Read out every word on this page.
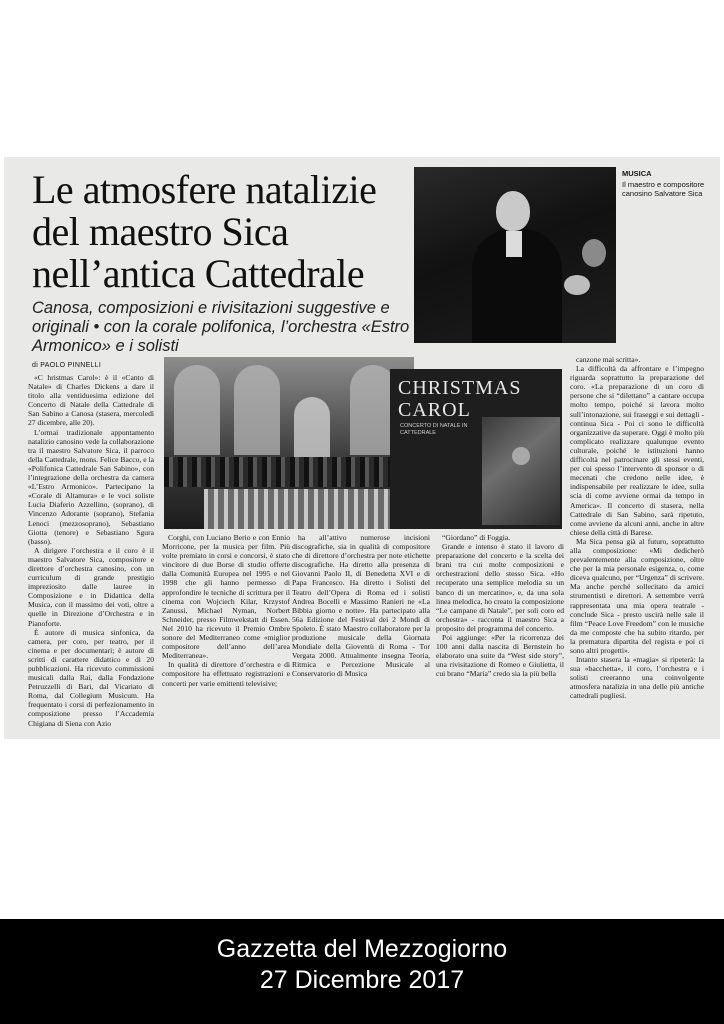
Le atmosfere natalizie
del maestro Sica
nell’antica Cattedrale
Canosa, composizioni e rivisitazioni suggestive e originali • con la corale polifonica, l’orchestra «Estro Armonico» e i solisti
di PAOLO PINNELLI
MUSICA
Il maestro e compositore canosino Salvatore Sica
CHRISTMAS
CAROL
CONCERTO DI NATALE IN CATTEDRALE

«C hristmas Carol»: è il «Canto di Natale» di Charles Dickens a dare il titolo alla ventiduesima edizione del Concerto di Natale della Cattedrale di San Sabino a Canosa (stasera, mercoledì 27 dicembre, alle 20).

L’ormai tradizionale appuntamento natalizio canosino vede la collaborazione tra il maestro Salvatore Sica, il parroco della Cattedrale, mons. Felice Bacco, e la «Polifonica Cattedrale San Sabino», con l’integrazione della orchestra da camera «L’Estro Armonico». Partecipano la «Corale di Altamura» e le voci soliste Lucia Diaferio Azzellino, (soprano), di Vincenzo Adorante (soprano), Stefania Lenoci (mezzosoprano), Sebastiano Giotta (tenore) e Sebastiano Sgura (basso).

A dirigere l’orchestra e il coro è il maestro Salvatore Sica, compositore e direttore d’orchestra canosino, con un curriculum di grande prestigio impreziosito dalle lauree in Composizione e in Didattica della Musica, con il massimo dei voti, oltre a quelle in Direzione d’Orchestra e in Pianoforte.

È autore di musica sinfonica, da camera, per coro, per teatro, per il cinema e per documentari; è autore di scritti di carattere didattico e di 20 pubblicazioni. Ha ricevuto commissioni musicali dalla Rai, dalla Fondazione Petruzzelli di Bari, dal Vicariato di Roma, dal Collegium Musicum. Ha frequentato i corsi di perfezionamento in composizione presso l’Accademia Chigiana di Siena con Azio

Corghi, con Luciano Berio e con Ennio Morricone, per la musica per film. Più volte premiato in corsi e concorsi, è stato vincitore di due Borse di studio offerte dalla Comunità Europea nel 1995 e nel 1998 che gli hanno permesso di approfondire le tecniche di scrittura per il cinema con Wojciech Kilar, Krzystof Zanussi, Michael Nyman, Norbert Schneider, presso Filmwekstatt di Essen. Nel 2010 ha ricevuto il Premio Ombre sonore del Mediterraneo come «miglior compositore dell’anno dell’area Mediterranea».

In qualità di direttore d’orchestra e di compositore ha effettuato registrazioni e concerti per varie emittenti televisive;

ha all’attivo numerose incisioni discografiche, sia in qualità di compositore che di direttore d’orchestra per note etichette discografiche. Ha diretto alla presenza di Giovanni Paolo II, di Benedetta XVI e di Papa Francesco. Ha diretto i Solisti del Teatro dell’Opera di Roma ed i solisti Andrea Bocelli e Massimo Ranieri ne «La Bibbia giorno e notte». Ha partecipato alla 56a Edizione del Festival dei 2 Mondi di Spoleto. È stato Maestro collaboratore per la produzione musicale della Giornata Mondiale della Gioventù di Roma - Tor Vergata 2000. Attualmente insegna Teoria, Ritmica e Percezione Musicale al Conservatorio di Musica

“Giordano” di Foggia.

Grande e intenso è stato il lavoro di preparazione del concerto e la scelta dei brani tra cui molte composizioni e orchestrazioni dello stesso Sica. «Ho recuperato una semplice melodia su un banco di un mercatino», e, da una sola linea melodica, ho creato la composizione “Le campane di Natale”, per soli coro ed orchestra» - racconta il maestro Sica a proposito del programma del concerto.

Poi aggiunge: «Per la ricorrenza dei 100 anni dalla nascita di Bernstein ho elaborato una suite da “West side story”, una rivisitazione di Romeo e Giulietta, il cui brano “Maria” credo sia la più bella

canzone mai scritta».

La difficoltà da affrontare e l’impegno riguarda soprattutto la preparazione del coro. «La preparazione di un coro di persone che si “dilettano” a cantare occupa molto tempo, poiché si lavora molto sull’intonazione, sui fraseggi e sui dettagli - continua Sica - Poi ci sono le difficoltà organizzative da superare. Oggi è molto più complicato realizzare qualunque evento culturale, poiché le istituzioni hanno difficoltà nel patrocinare gli stessi eventi, per cui spesso l’intervento di sponsor o di mecenati che credono nelle idee, è indispensabile per realizzare le idee, sulla scia di come avviene ormai da tempo in America». Il concerto di stasera, nella Cattedrale di San Sabino, sarà ripetuto, come avviene da alcuni anni, anche in altre chiese della città di Barese.

Ma Sica pensa già al futuro, soprattutto alla composizione: «Mi dedicherò prevalentemente alla composizione, oltre che per la mia personale esigenza, o, come diceva qualcuno, per “Urgenza” di scrivere. Ma anche perché sollecitato da amici strumentisti e direttori. A settembre verrà rappresentata una mia opera teatrale - conclude Sica - presto uscirà nelle sale il film “Peace Love Freedom” con le musiche da me composte che ha subito ritardo, per la prematura dipartita del regista e poi ci sono altri progetti».

Intanto stasera la «magia» si ripeterà: la sua «bacchetta», il coro, l’orchestra e i solisti creeranno una coinvolgente atmosfera natalizia in una delle più antiche cattedrali pugliesi.

Gazzetta del Mezzogiorno
27 Dicembre 2017
